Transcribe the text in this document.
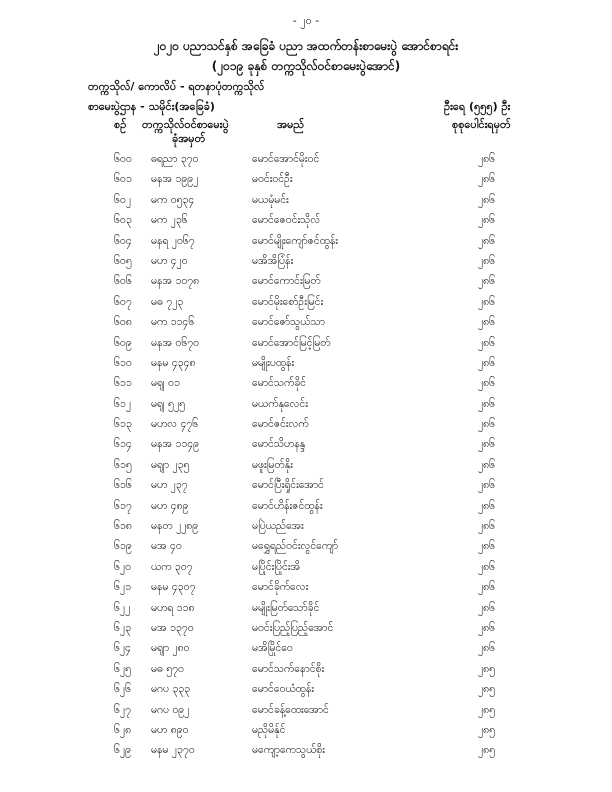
- ၂၀ -
၂၀၂၀ ပညာသင်နှစ် အခြေခံ ပညာ အထက်တန်းစာမေးပွဲ အောင်စာရင်း
(၂၀၁၉ ခုနှစ် တက္ကသိုလ်ဝင်စာမေးပွဲအောင်)
တက္ကသိုလ်/ ကောလိပ် - ရတနာပုံတက္ကသိုလ်
စာမေးပွဲဌာန - သမိုင်း(အခြေခံ)	ဦးရေ (၅၅၅) ဦး
စဉ် တက္ကသိုလ်ဝင်စာမေးပွဲ
ခုံအမှတ်
အမည်	စုစုပေါင်းရမှတ်
၆၀၀ ဓရညာ ၃၇၀	မောင်အောင်မိုးဝင်	၂၈၆
၆၀၁ မနအ ၁၉၉၂	မဝင်းဝင်ဦး	၂၈၆
၆၀၂ မက ၀၅၃၄	မယမုံမင်း	၂၈၆
၆၀၃ မက ၂၃၆	မောင်ဇေဝင်းသိုလ်	၂၈၆
၆၀၄ မနရ ၂၀၆၇	မောင်မျိုးကျော်ဇင်ထွန်း	၂၈၆
၆၀၅ မဟ ၄၂၀	မအိအိပြံန်း	၂၈၆
၆၀၆ မနအ ၁၀၇၈	မောင်ကောင်းမြတ်	၂၈၆
၆၀၇ မဓ ၇၂၃	မောင်မိုးစော်ဦးမြင်း	၂၈၆
၆၀၈ မက ၁၁၄၆	မောင်ဇော်သွယ်သာ	၂၈၆
၆၀၉ မနအ ၀၆၇၀	မောင်အောင်မြင့်မြတ်	၂၈၆
၆၁၀ မနမ ၄၃၄၈	မမျိုးပထွန်း	၂၈၆
၆၁၁ မရျ ၀၁	မောင်သက်ခိုင်	၂၈၆
၆၁၂ မရျ ၅၂၅	မယက်နုလေင်း	၂၈၆
၆၁၃ မဟလ ၄၇၆	မောင်ဇင်းလက်	၂၈၆
၆၁၄ မနအ ၁၁၄၉	မောင်သိဟနန္ဒ	၂၈၆
၆၁၅ မရျာ ၂၃၅	မဖူးမြတ်နိုး	၂၈၆
၆၁၆ မဟ ၂၃၇	မောင်ပြီးရှိုင်းအောင်	၂၈၆
၆၁၇ မဟ ၄၈၉	မောင်ဟိန်းဇင်ထွန်း	၂၈၆
၆၁၈ မနတ ၂၂၈၉	မပြဲယည်အေး	၂၈၆
၆၁၉ မအ ၄၀	မရွှေရည်ဝင်းလွင်ကျော်	၂၈၆
၆၂၀ ယက ၃၀၇	မပြိုင်းပြိုင်းအိ	၂၈၆
၆၂၁ မနမ ၄၃၀၇	မောင်ခိုက်လေး	၂၈၆
၆၂၂ မဟရ ၁၁၈	မမျိုးမြတ်သော်ခိုင်	၂၈၆
၆၂၃ မအ ၁၃၇၀	မဝင်းပြည့်ပြည့်အောင်	၂၈၆
၆၂၄ မရျာ ၂၈၀	မအိမြိုင်ဝေ	၂၈၆
၆၂၅ မဓ ၅၇၀	မောင်သက်နောင်စိုး	၂၈၅
၆၂၆ မဂပ ၃၃၃	မောင်ဝေယံထွန်း	၂၈၅
၆၂၇ မဂပ ၀၉၂	မောင်ခန့်ထေးအောင်	၂၈၅
၆၂၈ မဟ ၈၉၀	မညိုမိန်ုင်	၂၈၅
၆၂၉ မနမ ၂၃၇၀	မကျော့ကေသွယ်စိုး	၂၈၅
